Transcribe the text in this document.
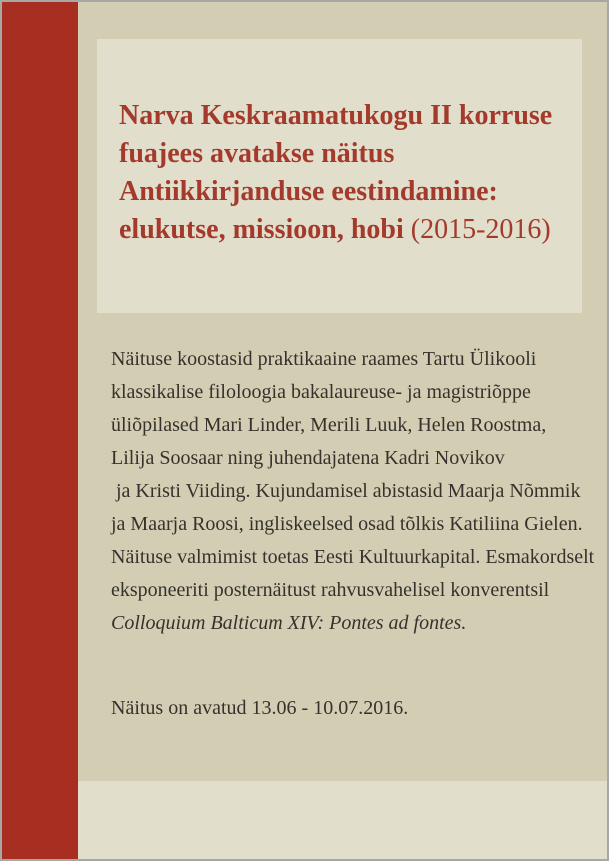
Narva Keskraamatukogu II korruse
fuajees avatakse näitus
Antiikkirjanduse eestindamine:
elukutse, missioon, hobi (2015-2016)
Näituse koostasid praktikaaine raames Tartu Ülikooli
klassikalise filoloogia bakalaureuse- ja magistriõppe
üliõpilased Mari Linder, Merili Luuk, Helen Roostma,
Lilija Soosaar ning juhendajatena Kadri Novikov
ja Kristi Viiding. Kujundamisel abistasid Maarja Nõmmik
ja Maarja Roosi, ingliskeelsed osad tõlkis Katiliina Gielen.
Näituse valmimist toetas Eesti Kultuurkapital. Esmakordselt
eksponeeriti posternäitust rahvusvahelisel konverentsil
Colloquium Balticum XIV: Pontes ad fontes.
Näitus on avatud 13.06 - 10.07.2016.
